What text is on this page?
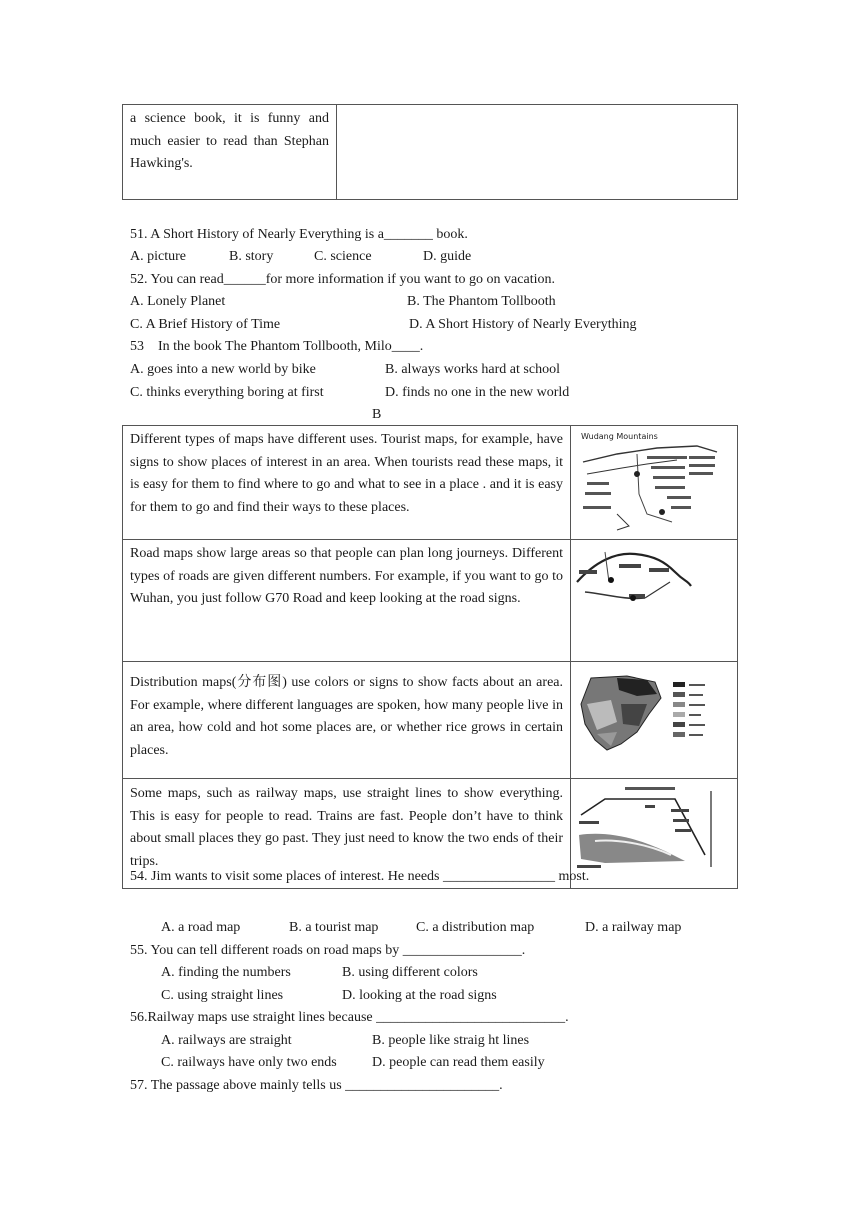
a science book, it is funny and much easier to read than Stephan Hawking's.

51. A Short History of Nearly Everything is a_______ book.
A. picture	B. story	C. science	D. guide
52. You can read______for more information if you want to go on vacation.
A. Lonely Planet	B. The Phantom Tollbooth
C. A Brief History of Time	D. A Short History of Nearly Everything
53    In the book The Phantom Tollbooth, Milo____.
A. goes into a new world by bike	B. always works hard at school
C. thinks everything boring at first	D. finds no one in the new world
B
Different types of maps have different uses. Tourist maps, for example, have signs to show places of interest in an area. When tourists read these maps, it is easy for them to find where to go and what to see in a place . and it is easy for them to go and find their ways to these places.	Wudang Mountains

Road maps show large areas so that people can plan long journeys. Different types of roads are given different numbers. For example, if you want to go to Wuhan, you just follow G70 Road and keep looking at the road signs.

Distribution maps(分布图) use colors or signs to show facts about an area. For example, where different languages are spoken, how many people live in an area, how cold and hot some places are, or whether rice grows in certain places.

Some maps, such as railway maps, use straight lines to show everything. This is easy for people to read. Trains are fast. People don’t have to think about small places they go past. They just need to know the two ends of their trips.

54. Jim wants to visit some places of interest. He needs ________________ most.
A. a road map	B. a tourist map	C. a distribution map	D. a railway map
55. You can tell different roads on road maps by _________________.
A. finding the numbers	B. using different colors
C. using straight lines	D. looking at the road signs
56.Railway maps use straight lines because ___________________________.
A. railways are straight	B. people like straig ht lines
C. railways have only two ends	D. people can read them easily
57. The passage above mainly tells us ______________________.
